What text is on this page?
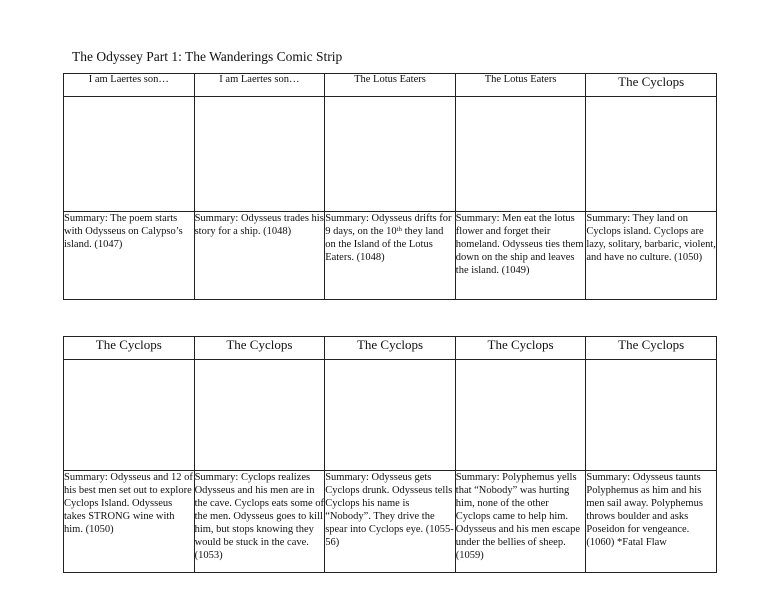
The Odyssey Part 1: The Wanderings Comic Strip
I am Laertes son…	I am Laertes son…	The Lotus Eaters	The Lotus Eaters	The Cyclops

Summary: The poem starts with Odysseus on Calypso’s island. (1047)	Summary: Odysseus trades his story for a ship. (1048)	Summary: Odysseus drifts for 9 days, on the 10ᵗʰ they land on the Island of the Lotus Eaters. (1048)	Summary: Men eat the lotus flower and forget their homeland. Odysseus ties them down on the ship and leaves the island. (1049)	Summary: They land on Cyclops island. Cyclops are lazy, solitary, barbaric, violent, and have no culture. (1050)
The Cyclops	The Cyclops	The Cyclops	The Cyclops	The Cyclops

Summary: Odysseus and 12 of his best men set out to explore Cyclops Island. Odysseus takes STRONG wine with him. (1050)	Summary: Cyclops realizes Odysseus and his men are in the cave. Cyclops eats some of the men. Odysseus goes to kill him, but stops knowing they would be stuck in the cave. (1053)	Summary: Odysseus gets Cyclops drunk. Odysseus tells Cyclops his name is “Nobody”. They drive the spear into Cyclops eye. (1055-56)	Summary: Polyphemus yells that “Nobody” was hurting him, none of the other Cyclops came to help him. Odysseus and his men escape under the bellies of sheep. (1059)	Summary: Odysseus taunts Polyphemus as him and his men sail away. Polyphemus throws boulder and asks Poseidon for vengeance. (1060) *Fatal Flaw
